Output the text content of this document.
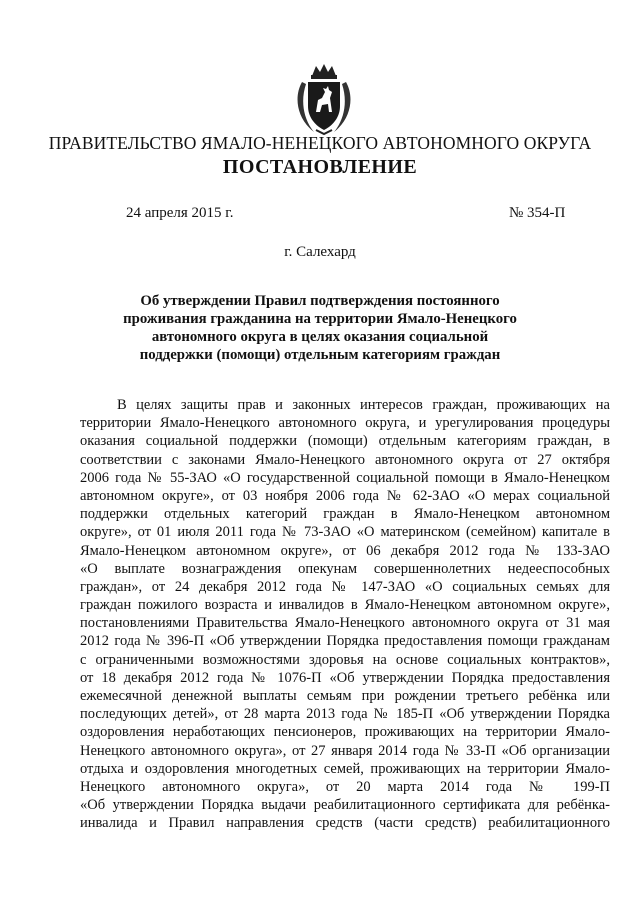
ПРАВИТЕЛЬСТВО ЯМАЛО-НЕНЕЦКОГО АВТОНОМНОГО ОКРУГА
ПОСТАНОВЛЕНИЕ
24 апреля 2015 г.	№ 354-П
г. Салехард
Об утверждении Правил подтверждения постоянного
проживания гражданина на территории Ямало-Ненецкого
автономного округа в целях оказания социальной
поддержки (помощи) отдельным категориям граждан
В целях защиты прав и законных интересов граждан, проживающих на
территории Ямало-Ненецкого автономного округа, и урегулирования процедуры
оказания социальной поддержки (помощи) отдельным категориям граждан, в
соответствии с законами Ямало-Ненецкого автономного округа от 27 октября
2006 года № 55-ЗАО «О государственной социальной помощи в Ямало-Ненецком
автономном округе», от 03 ноября 2006 года № 62-ЗАО «О мерах социальной
поддержки отдельных категорий граждан в Ямало-Ненецком автономном
округе», от 01 июля 2011 года № 73-ЗАО «О материнском (семейном) капитале в
Ямало-Ненецком автономном округе», от 06 декабря 2012 года № 133-ЗАО
«О выплате вознаграждения опекунам совершеннолетних недееспособных
граждан», от 24 декабря 2012 года № 147-ЗАО «О социальных семьях для
граждан пожилого возраста и инвалидов в Ямало-Ненецком автономном округе»,
постановлениями Правительства Ямало-Ненецкого автономного округа от 31 мая
2012 года № 396-П «Об утверждении Порядка предоставления помощи гражданам
с ограниченными возможностями здоровья на основе социальных контрактов»,
от 18 декабря 2012 года № 1076-П «Об утверждении Порядка предоставления
ежемесячной денежной выплаты семьям при рождении третьего ребёнка или
последующих детей», от 28 марта 2013 года № 185-П «Об утверждении Порядка
оздоровления неработающих пенсионеров, проживающих на территории Ямало-
Ненецкого автономного округа», от 27 января 2014 года № 33-П «Об организации
отдыха и оздоровления многодетных семей, проживающих на территории Ямало-
Ненецкого автономного округа», от 20 марта 2014 года № 199-П
«Об утверждении Порядка выдачи реабилитационного сертификата для ребёнка-
инвалида и Правил направления средств (части средств) реабилитационного
